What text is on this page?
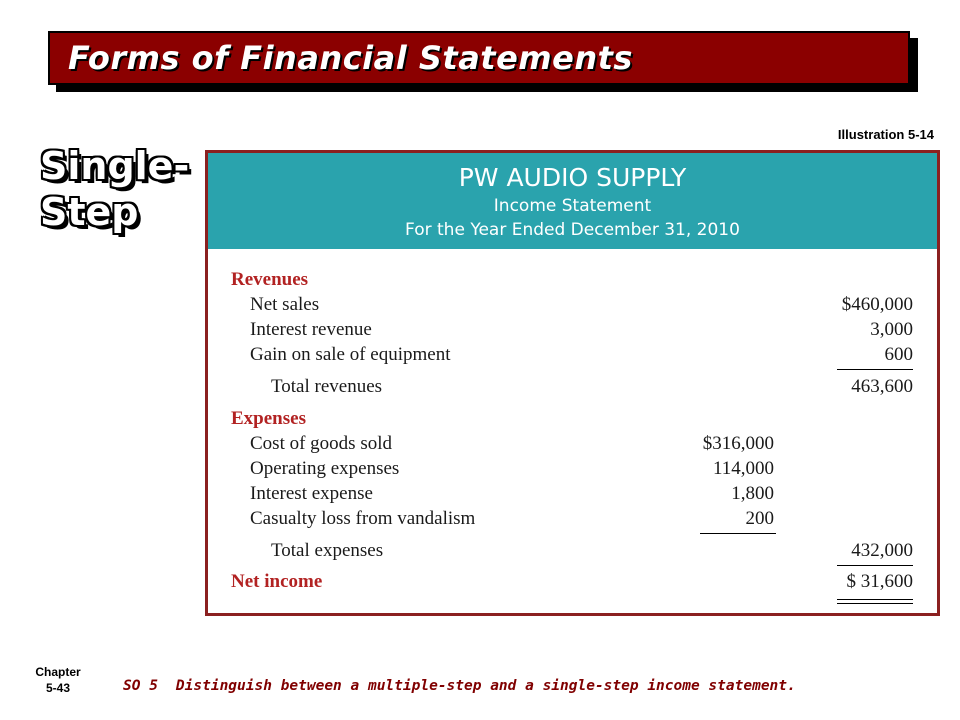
Forms of Financial Statements
Single-Step
Illustration 5-14
PW AUDIO SUPPLY
Income Statement
For the Year Ended December 31, 2010
Revenues
Net sales	$460,000
Interest revenue	3,000
Gain on sale of equipment	600
Total revenues	463,600
Expenses
Cost of goods sold	$316,000
Operating expenses	114,000
Interest expense	1,800
Casualty loss from vandalism	200
Total expenses	432,000
Net income	$ 31,600
Chapter
5-43	SO 5 Distinguish between a multiple-step and a single-step income statement.
